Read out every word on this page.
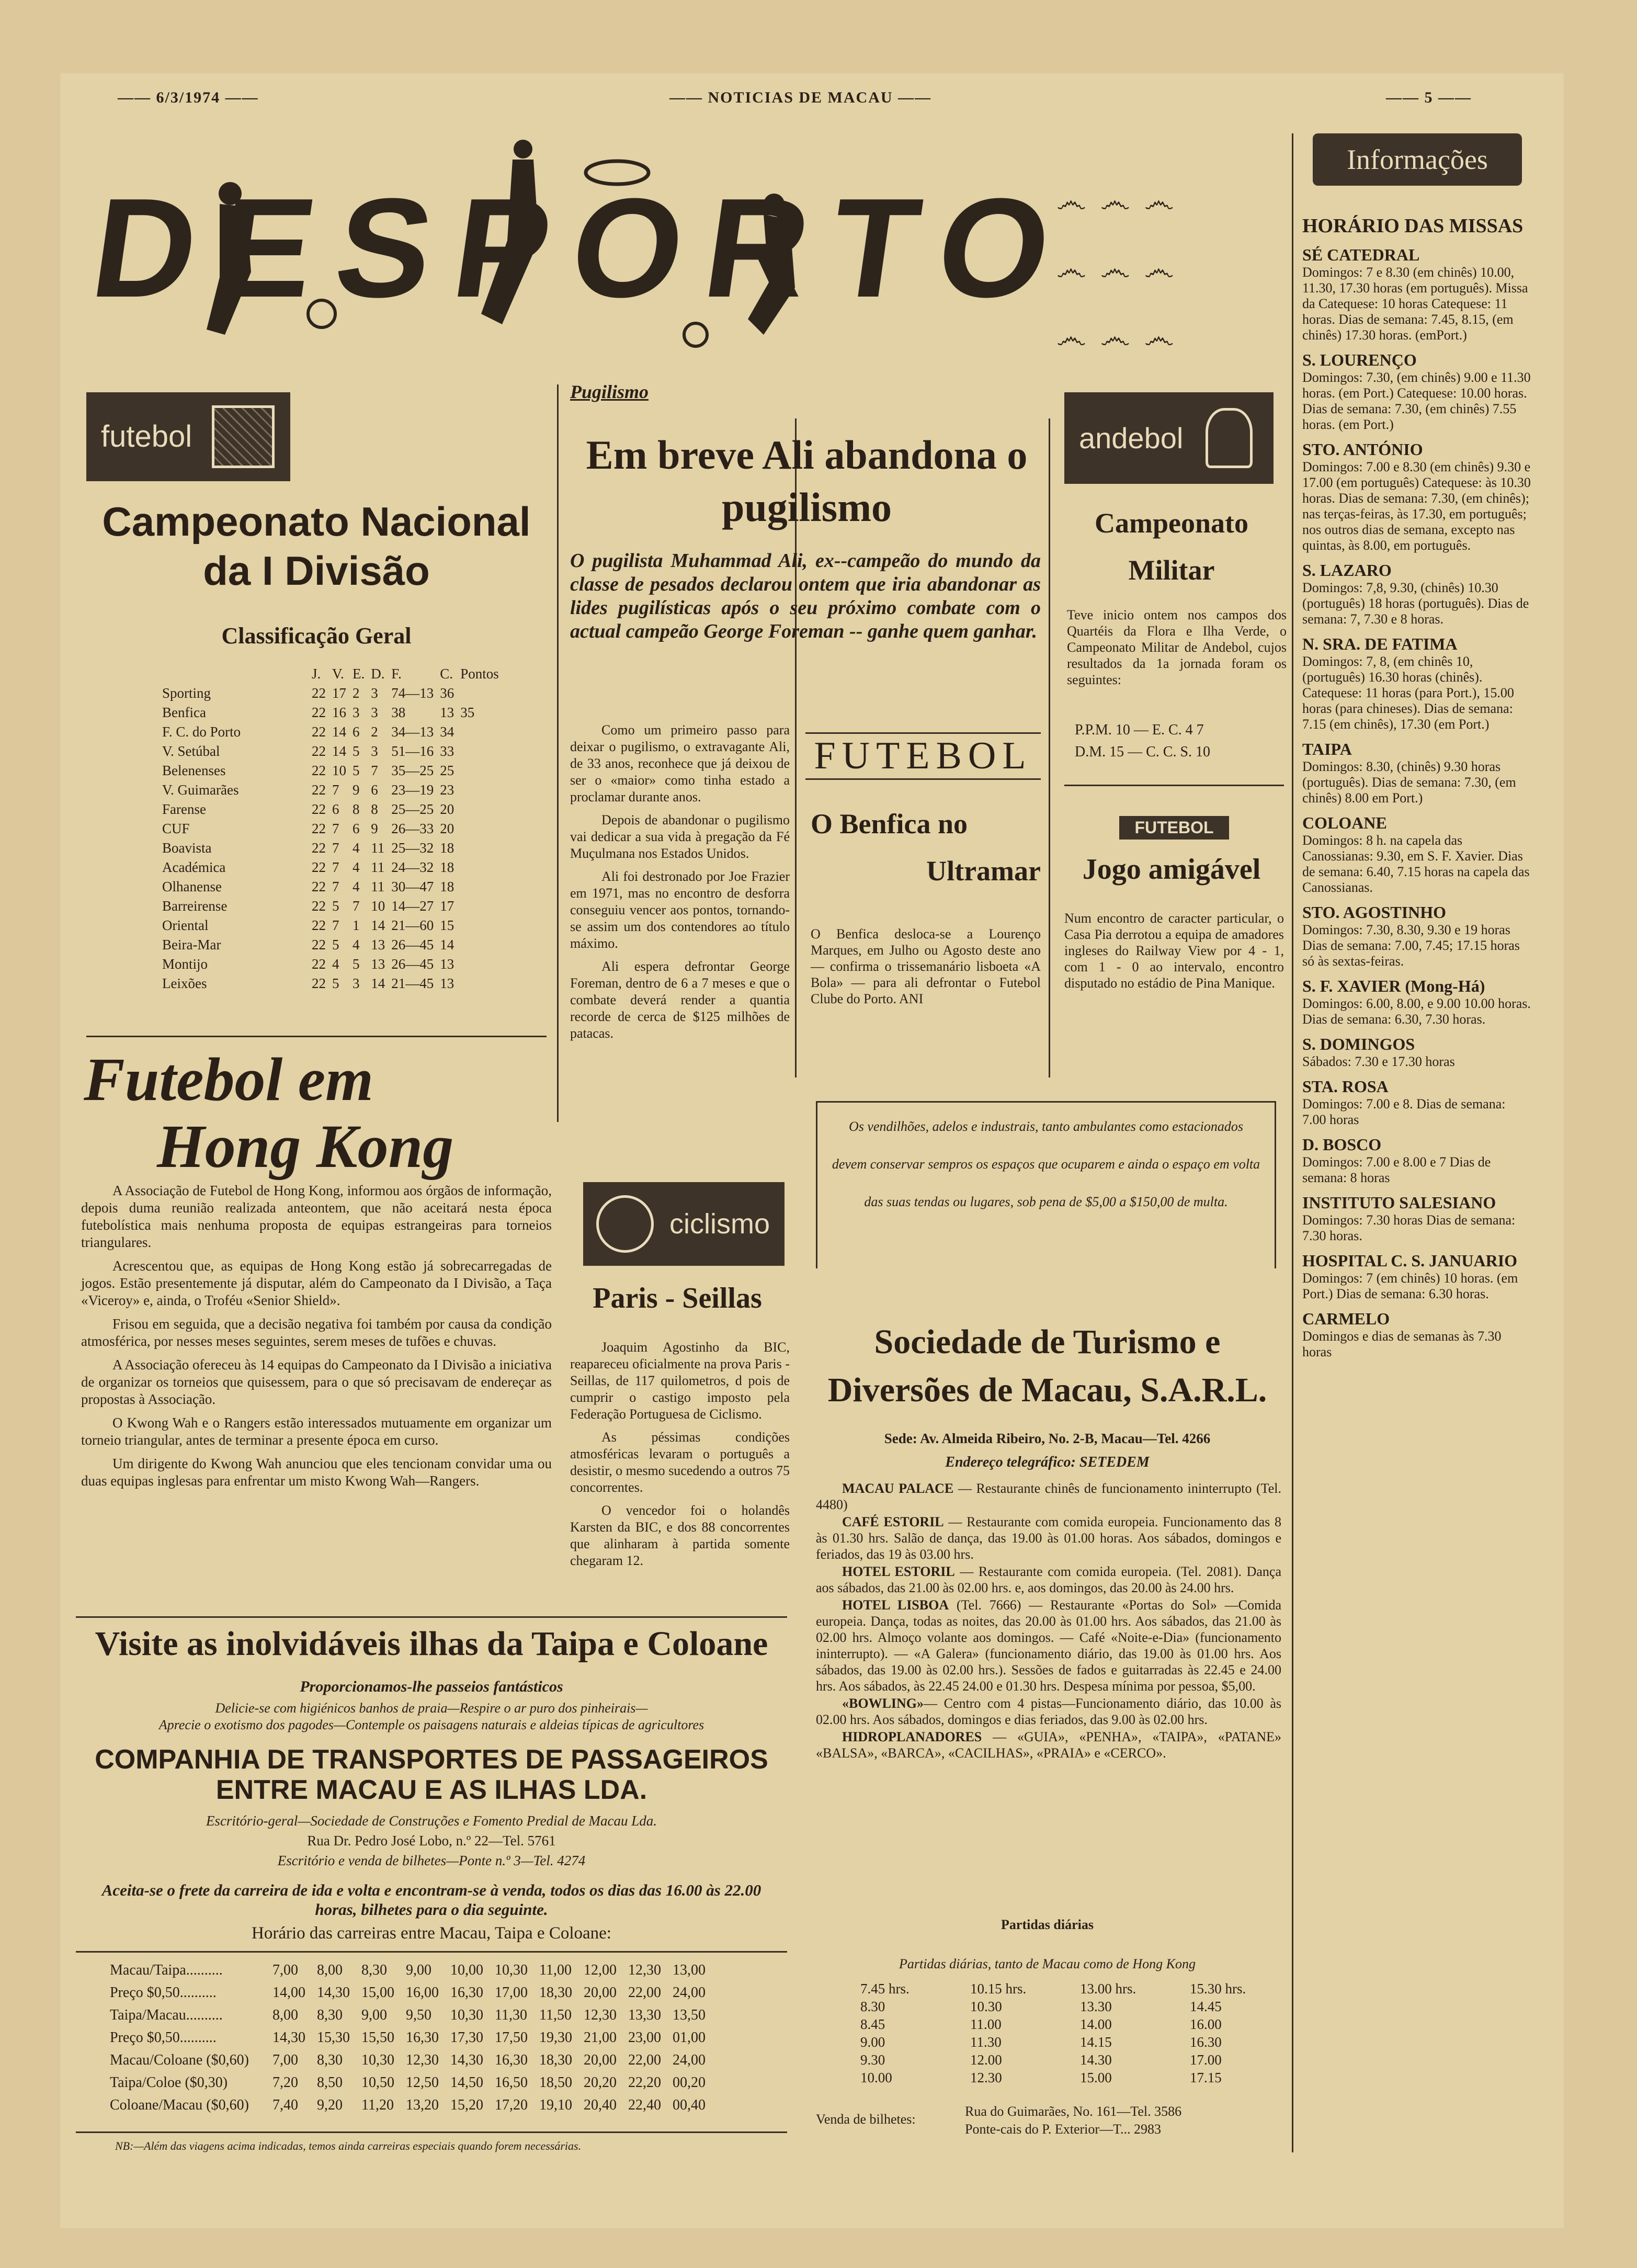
—— 6/3/1974 ——	—— NOTICIAS DE MACAU ——	—— 5 ——
DESPORTO
futebol
Campeonato Nacional da I Divisão
Classificação Geral
	J.	V.	E.	D.	F.	C.	Pontos
Sporting	22	17	2	3	74—13	36	
Benfica	22	16	3	3	38	13	35
F. C. do Porto	22	14	6	2	34—13	34	
V. Setúbal	22	14	5	3	51—16	33	
Belenenses	22	10	5	7	35—25	25	
V. Guimarães	22	7	9	6	23—19	23	
Farense	22	6	8	8	25—25	20	
CUF	22	7	6	9	26—33	20	
Boavista	22	7	4	11	25—32	18	
Académica	22	7	4	11	24—32	18	
Olhanense	22	7	4	11	30—47	18	
Barreirense	22	5	7	10	14—27	17	
Oriental	22	7	1	14	21—60	15	
Beira-Mar	22	5	4	13	26—45	14	
Montijo	22	4	5	13	26—45	13	
Leixões	22	5	3	14	21—45	13	
Futebol em
Hong Kong
A Associação de Futebol de Hong Kong, informou aos órgãos de informação, depois duma reunião realizada anteontem, que não aceitará nesta época futebolística mais nenhuma proposta de equipas estrangeiras para torneios triangulares.
Acrescentou que, as equipas de Hong Kong estão já sobrecarregadas de jogos. Estão presentemente já disputar, além do Campeonato da I Divisão, a Taça «Viceroy» e, ainda, o Troféu «Senior Shield».
Frisou em seguida, que a decisão negativa foi também por causa da condição atmosférica, por nesses meses seguintes, serem meses de tufões e chuvas.
A Associação ofereceu às 14 equipas do Campeonato da I Divisão a iniciativa de organizar os torneios que quisessem, para o que só precisavam de endereçar as propostas à Associação.
O Kwong Wah e o Rangers estão interessados mutuamente em organizar um torneio triangular, antes de terminar a presente época em curso.
Um dirigente do Kwong Wah anunciou que eles tencionam convidar uma ou duas equipas inglesas para enfrentar um misto Kwong Wah—Rangers.
Pugilismo
Em breve Ali abandona o pugilismo
O pugilista Muhammad Ali, ex--campeão do mundo da classe de pesados declarou ontem que iria abandonar as lides pugilísticas após o seu próximo combate com o actual campeão George Foreman -- ganhe quem ganhar.
Como um primeiro passo para deixar o pugilismo, o extravagante Ali, de 33 anos, reconhece que já deixou de ser o «maior» como tinha estado a proclamar durante anos.
Depois de abandonar o pugilismo vai dedicar a sua vida à pregação da Fé Muçulmana nos Estados Unidos.
Ali foi destronado por Joe Frazier em 1971, mas no encontro de desforra conseguiu vencer aos pontos, tornando-se assim um dos contendores ao título máximo.
Ali espera defrontar George Foreman, dentro de 6 a 7 meses e que o combate deverá render a quantia recorde de cerca de $125 milhões de patacas.
ciclismo
Paris - Seillas
Joaquim Agostinho da BIC, reapareceu oficialmente na prova Paris - Seillas, de 117 quilometros, d pois de cumprir o castigo imposto pela Federação Portuguesa de Ciclismo.
As péssimas condições atmosféricas levaram o português a desistir, o mesmo sucedendo a outros 75 concorrentes.
O vencedor foi o holandês Karsten da BIC, e dos 88 concorrentes que alinharam à partida somente chegaram 12.
FUTEBOL
O Benfica no
Ultramar
O Benfica desloca-se a Lourenço Marques, em Julho ou Agosto deste ano — confirma o trissemanário lisboeta «A Bola» — para ali defrontar o Futebol Clube do Porto. ANI
andebol
Campeonato
Militar
Teve inicio ontem nos campos dos Quartéis da Flora e Ilha Verde, o Campeonato Militar de Andebol, cujos resultados da 1a jornada foram os seguintes:
P.P.M. 10 — E. C. 4 7
D.M. 15 — C. C. S. 10
FUTEBOL
Jogo amigável
Num encontro de caracter particular, o Casa Pia derrotou a equipa de amadores ingleses do Railway View por 4 - 1, com 1 - 0 ao intervalo, encontro disputado no estádio de Pina Manique.
෴ ෴ ෴
෴ ෴ ෴
෴ ෴ ෴
Os vendilhões, adelos e industrais, tanto ambulantes como estacionados devem conservar sempros os espaços que ocuparem e ainda o espaço em volta das suas tendas ou lugares, sob pena de $5,00 a $150,00 de multa.
Sociedade de Turismo e Diversões de Macau, S.A.R.L.
Sede: Av. Almeida Ribeiro, No. 2-B, Macau—Tel. 4266
Endereço telegráfico: SETEDEM
MACAU PALACE — Restaurante chinês de funcionamento ininterrupto (Tel. 4480)
CAFÉ ESTORIL — Restaurante com comida europeia. Funcionamento das 8 às 01.30 hrs. Salão de dança, das 19.00 às 01.00 horas. Aos sábados, domingos e feriados, das 19 às 03.00 hrs.
HOTEL ESTORIL — Restaurante com comida europeia. (Tel. 2081). Dança aos sábados, das 21.00 às 02.00 hrs. e, aos domingos, das 20.00 às 24.00 hrs.
HOTEL LISBOA (Tel. 7666) — Restaurante «Portas do Sol» —Comida europeia. Dança, todas as noites, das 20.00 às 01.00 hrs. Aos sábados, das 21.00 às 02.00 hrs. Almoço volante aos domingos. — Café «Noite-e-Dia» (funcionamento ininterrupto). — «A Galera» (funcionamento diário, das 19.00 às 01.00 hrs. Aos sábados, das 19.00 às 02.00 hrs.). Sessões de fados e guitarradas às 22.45 e 24.00 hrs. Aos sábados, às 22.45 24.00 e 01.30 hrs. Despesa mínima por pessoa, $5,00.
«BOWLING»— Centro com 4 pistas—Funcionamento diário, das 10.00 às 02.00 hrs. Aos sábados, domingos e dias feriados, das 9.00 às 02.00 hrs.
HIDROPLANADORES — «GUIA», «PENHA», «TAIPA», «PATANE» «BALSA», «BARCA», «CACILHAS», «PRAIA» e «CERCO».
Partidas diárias
Partidas diárias, tanto de Macau como de Hong Kong
7.45 hrs.	10.15 hrs.	13.00 hrs.	15.30 hrs.
8.30	10.30	13.30	14.45
8.45	11.00	14.00	16.00
9.00	11.30	14.15	16.30
9.30	12.00	14.30	17.00
10.00	12.30	15.00	17.15
Venda de bilhetes:
Rua do Guimarães, No. 161—Tel. 3586
Ponte-cais do P. Exterior—T... 2983
Visite as inolvidáveis ilhas da Taipa e Coloane
Proporcionamos-lhe passeios fantásticos
Delicie-se com higiénicos banhos de praia—Respire o ar puro dos pinheirais—
Aprecie o exotismo dos pagodes—Contemple os paisagens naturais e aldeias típicas de agricultores
COMPANHIA DE TRANSPORTES DE PASSAGEIROS
ENTRE MACAU E AS ILHAS LDA.
Escritório-geral—Sociedade de Construções e Fomento Predial de Macau Lda.
Rua Dr. Pedro José Lobo, n.º 22—Tel. 5761
Escritório e venda de bilhetes—Ponte n.º 3—Tel. 4274
Aceita-se o frete da carreira de ida e volta e encontram-se à venda, todos os dias das 16.00 às 22.00 horas, bilhetes para o dia seguinte.
Horário das carreiras entre Macau, Taipa e Coloane:
Macau/Taipa..........	7,00	8,00	8,30	9,00	10,00	10,30	11,00	12,00	12,30	13,00
Preço $0,50..........	14,00	14,30	15,00	16,00	16,30	17,00	18,30	20,00	22,00	24,00
Taipa/Macau..........	8,00	8,30	9,00	9,50	10,30	11,30	11,50	12,30	13,30	13,50
Preço $0,50..........	14,30	15,30	15,50	16,30	17,30	17,50	19,30	21,00	23,00	01,00
Macau/Coloane ($0,60)	7,00	8,30	10,30	12,30	14,30	16,30	18,30	20,00	22,00	24,00
Taipa/Coloe ($0,30)	7,20	8,50	10,50	12,50	14,50	16,50	18,50	20,20	22,20	00,20
Coloane/Macau ($0,60)	7,40	9,20	11,20	13,20	15,20	17,20	19,10	20,40	22,40	00,40
NB:—Além das viagens acima indicadas, temos ainda carreiras especiais quando forem necessárias.
Informações
HORÁRIO DAS MISSAS
SÉ CATEDRAL
Domingos: 7 e 8.30 (em chinês) 10.00, 11.30, 17.30 horas (em português). Missa da Catequese: 10 horas Catequese: 11 horas. Dias de semana: 7.45, 8.15, (em chinês) 17.30 horas. (emPort.)
S. LOURENÇO
Domingos: 7.30, (em chinês) 9.00 e 11.30 horas. (em Port.) Catequese: 10.00 horas. Dias de semana: 7.30, (em chinês) 7.55 horas. (em Port.)
STO. ANTÓNIO
Domingos: 7.00 e 8.30 (em chinês) 9.30 e 17.00 (em português) Catequese: às 10.30 horas. Dias de semana: 7.30, (em chinês); nas terças-feiras, às 17.30, em português; nos outros dias de semana, excepto nas quintas, às 8.00, em português.
S. LAZARO
Domingos: 7,8, 9.30, (chinês) 10.30 (português) 18 horas (português). Dias de semana: 7, 7.30 e 8 horas.
N. SRA. DE FATIMA
Domingos: 7, 8, (em chinês 10, (português) 16.30 horas (chinês). Catequese: 11 horas (para Port.), 15.00 horas (para chineses). Dias de semana: 7.15 (em chinês), 17.30 (em Port.)
TAIPA
Domingos: 8.30, (chinês) 9.30 horas (português). Dias de semana: 7.30, (em chinês) 8.00 em Port.)
COLOANE
Domingos: 8 h. na capela das Canossianas: 9.30, em S. F. Xavier. Dias de semana: 6.40, 7.15 horas na capela das Canossianas.
STO. AGOSTINHO
Domingos: 7.30, 8.30, 9.30 e 19 horas Dias de semana: 7.00, 7.45; 17.15 horas só às sextas-feiras.
S. F. XAVIER (Mong-Há)
Domingos: 6.00, 8.00, e 9.00 10.00 horas. Dias de semana: 6.30, 7.30 horas.
S. DOMINGOS
Sábados: 7.30 e 17.30 horas
STA. ROSA
Domingos: 7.00 e 8. Dias de semana: 7.00 horas
D. BOSCO
Domingos: 7.00 e 8.00 e 7 Dias de semana: 8 horas
INSTITUTO SALESIANO
Domingos: 7.30 horas Dias de semana: 7.30 horas.
HOSPITAL C. S. JANUARIO
Domingos: 7 (em chinês) 10 horas. (em Port.) Dias de semana: 6.30 horas.
CARMELO
Domingos e dias de semanas às 7.30 horas
